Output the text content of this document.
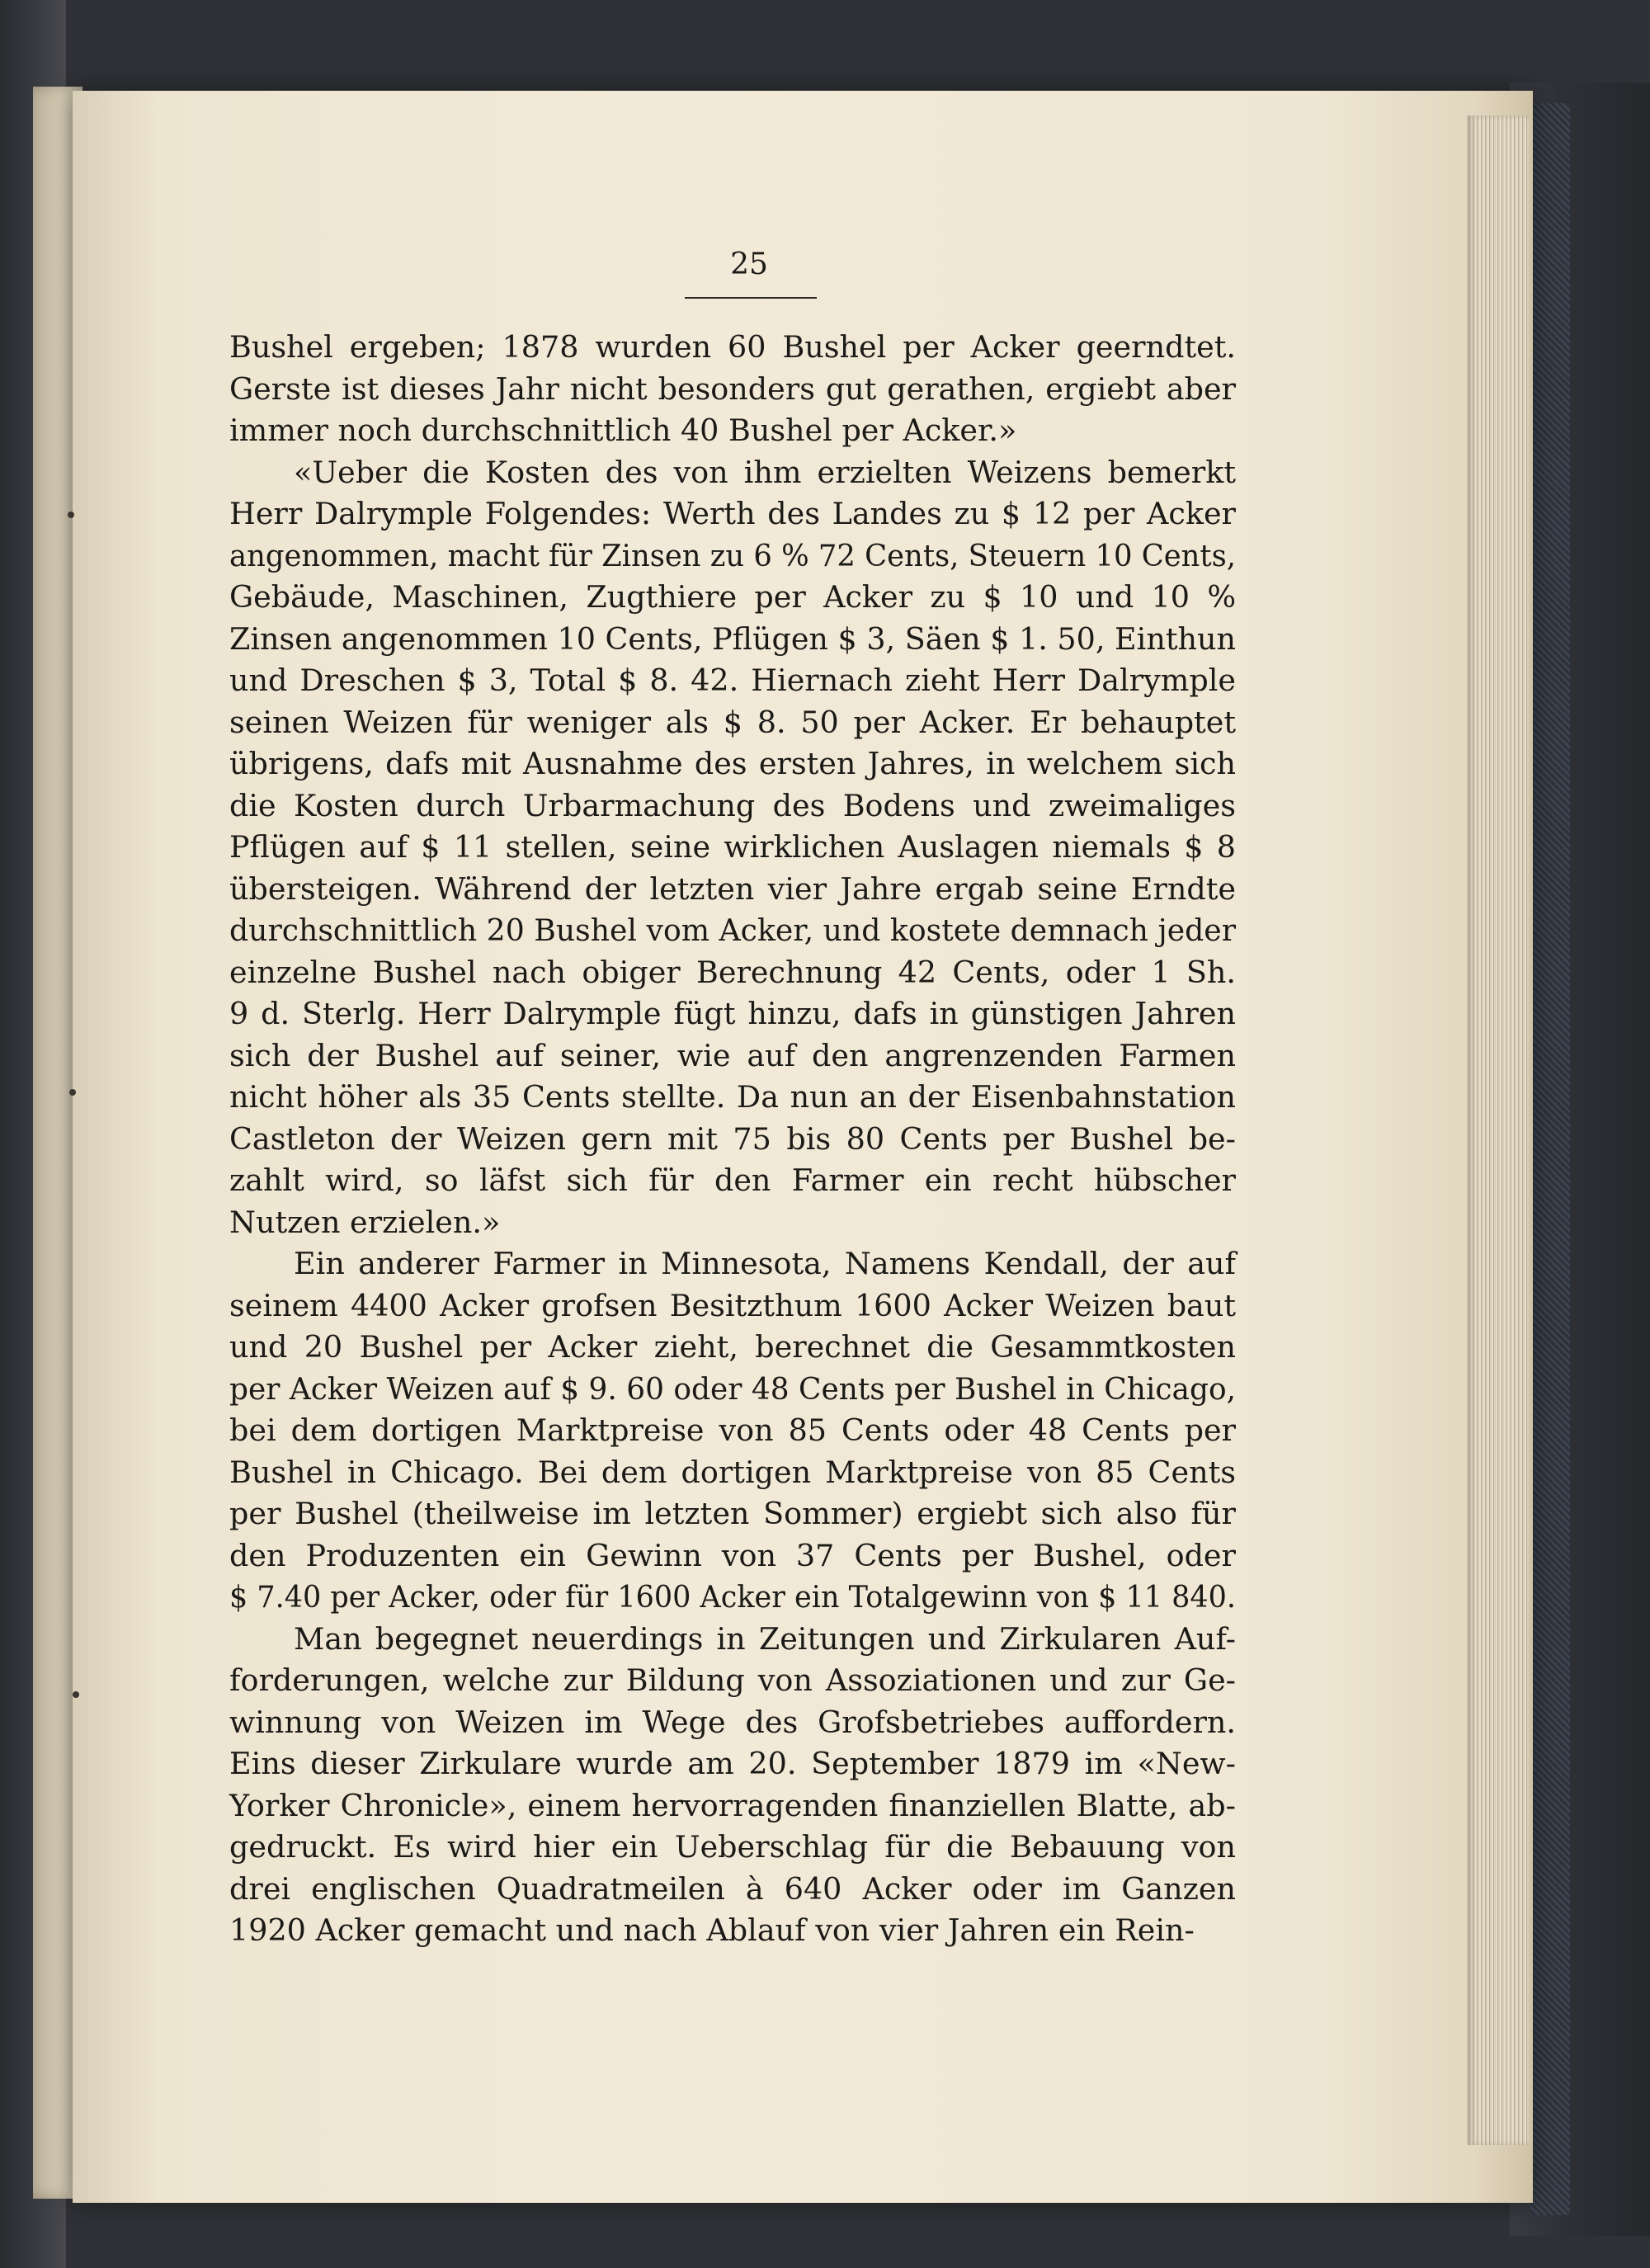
25
Bushel ergeben; 1878 wurden 60 Bushel per Acker geerndtet.
Gerste ist dieses Jahr nicht besonders gut gerathen, ergiebt aber
immer noch durchschnittlich 40 Bushel per Acker.»
«Ueber die Kosten des von ihm erzielten Weizens bemerkt
Herr Dalrymple Folgendes: Werth des Landes zu $ 12 per Acker
angenommen, macht für Zinsen zu 6 % 72 Cents, Steuern 10 Cents,
Gebäude, Maschinen, Zugthiere per Acker zu $ 10 und 10 %
Zinsen angenommen 10 Cents, Pflügen $ 3, Säen $ 1. 50, Einthun
und Dreschen $ 3, Total $ 8. 42. Hiernach zieht Herr Dalrymple
seinen Weizen für weniger als $ 8. 50 per Acker. Er behauptet
übrigens, dafs mit Ausnahme des ersten Jahres, in welchem sich
die Kosten durch Urbarmachung des Bodens und zweimaliges
Pflügen auf $ 11 stellen, seine wirklichen Auslagen niemals $ 8
übersteigen. Während der letzten vier Jahre ergab seine Erndte
durchschnittlich 20 Bushel vom Acker, und kostete demnach jeder
einzelne Bushel nach obiger Berechnung 42 Cents, oder 1 Sh.
9 d. Sterlg. Herr Dalrymple fügt hinzu, dafs in günstigen Jahren
sich der Bushel auf seiner, wie auf den angrenzenden Farmen
nicht höher als 35 Cents stellte. Da nun an der Eisenbahnstation
Castleton der Weizen gern mit 75 bis 80 Cents per Bushel be-
zahlt wird, so läfst sich für den Farmer ein recht hübscher
Nutzen erzielen.»
Ein anderer Farmer in Minnesota, Namens Kendall, der auf
seinem 4400 Acker grofsen Besitzthum 1600 Acker Weizen baut
und 20 Bushel per Acker zieht, berechnet die Gesammtkosten
per Acker Weizen auf $ 9. 60 oder 48 Cents per Bushel in Chicago,
bei dem dortigen Marktpreise von 85 Cents oder 48 Cents per
Bushel in Chicago. Bei dem dortigen Marktpreise von 85 Cents
per Bushel (theilweise im letzten Sommer) ergiebt sich also für
den Produzenten ein Gewinn von 37 Cents per Bushel, oder
$ 7.40 per Acker, oder für 1600 Acker ein Totalgewinn von $ 11 840.
Man begegnet neuerdings in Zeitungen und Zirkularen Auf-
forderungen, welche zur Bildung von Assoziationen und zur Ge-
winnung von Weizen im Wege des Grofsbetriebes auffordern.
Eins dieser Zirkulare wurde am 20. September 1879 im «New-
Yorker Chronicle», einem hervorragenden finanziellen Blatte, ab-
gedruckt. Es wird hier ein Ueberschlag für die Bebauung von
drei englischen Quadratmeilen à 640 Acker oder im Ganzen
1920 Acker gemacht und nach Ablauf von vier Jahren ein Rein-
